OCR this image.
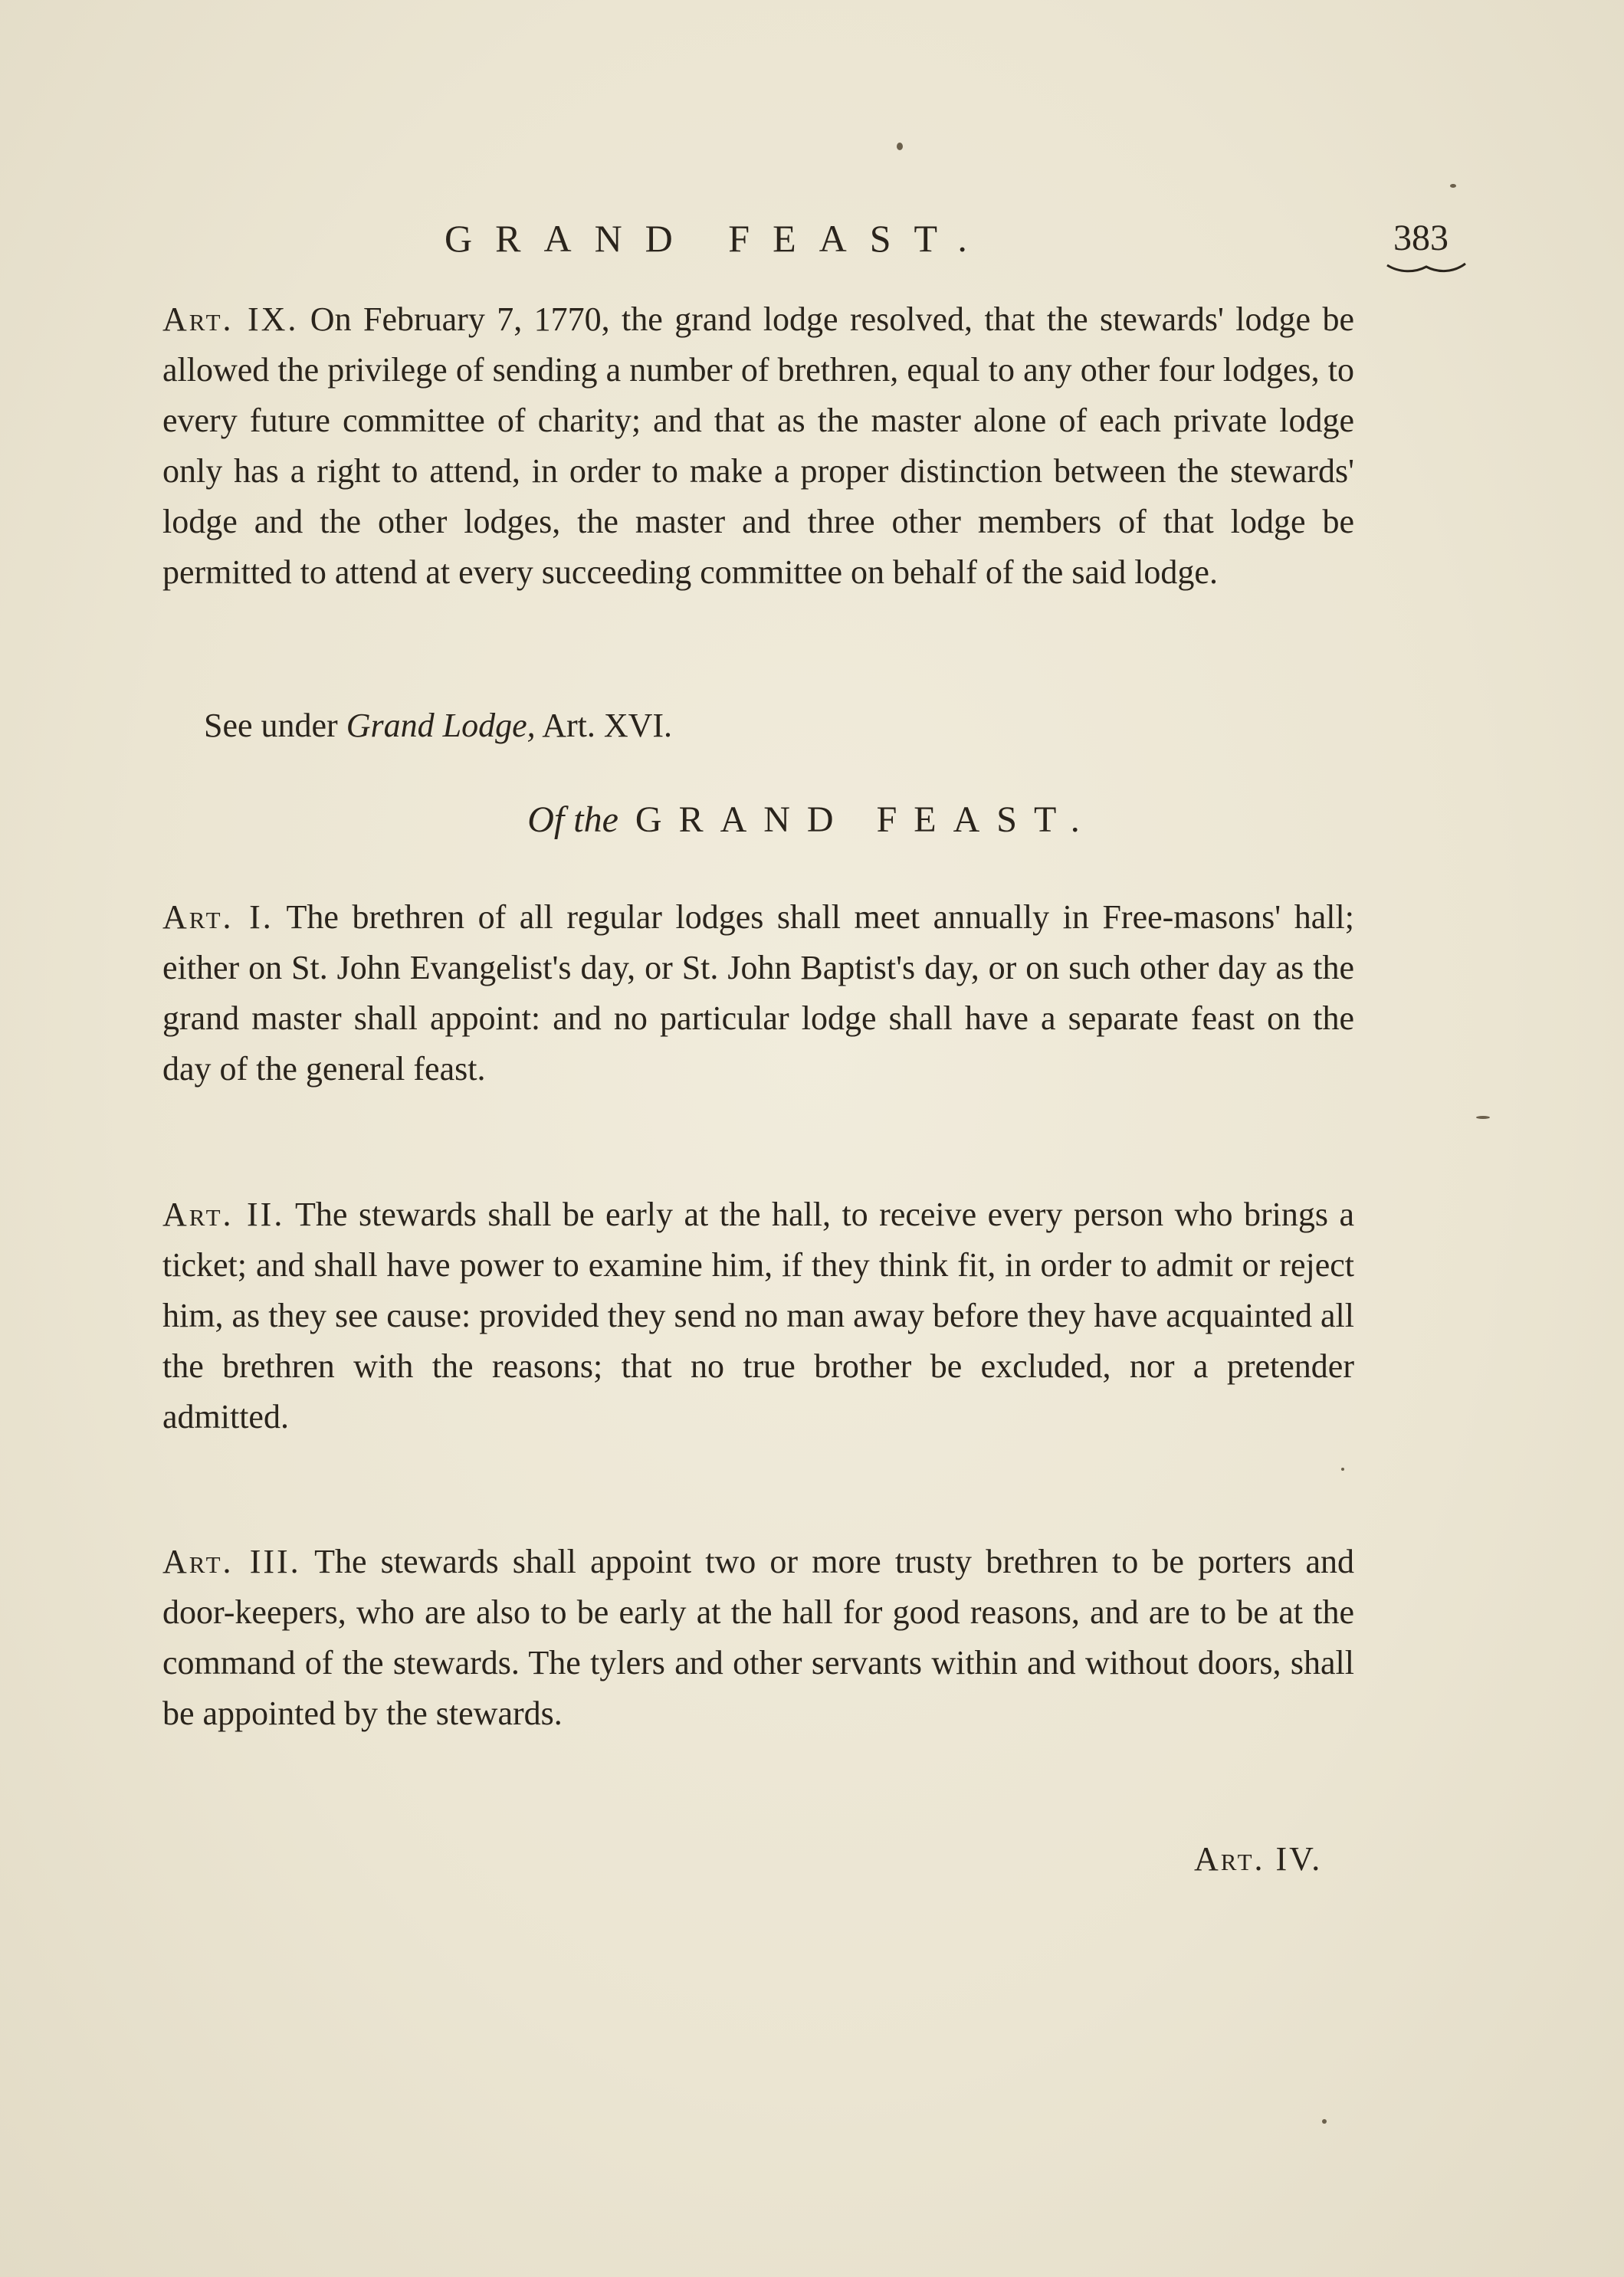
GRAND FEAST.	383
Art. IX. On February 7, 1770, the grand lodge resolved, that the stewards' lodge be allowed the privilege of sending a number of brethren, equal to any other four lodges, to every future committee of charity; and that as the master alone of each private lodge only has a right to attend, in order to make a proper distinction between the stewards' lodge and the other lodges, the master and three other members of that lodge be permitted to attend at every succeeding committee on behalf of the said lodge.
See under Grand Lodge, Art. XVI.
Of the GRAND FEAST.
Art. I. The brethren of all regular lodges shall meet annually in Free-masons' hall; either on St. John Evangelist's day, or St. John Baptist's day, or on such other day as the grand master shall appoint: and no particular lodge shall have a separate feast on the day of the general feast.
Art. II. The stewards shall be early at the hall, to receive every person who brings a ticket; and shall have power to examine him, if they think fit, in order to admit or reject him, as they see cause: provided they send no man away before they have acquainted all the brethren with the reasons; that no true brother be excluded, nor a pretender admitted.
Art. III. The stewards shall appoint two or more trusty brethren to be porters and door-keepers, who are also to be early at the hall for good reasons, and are to be at the command of the stewards. The tylers and other servants within and without doors, shall be appointed by the stewards.
Art. IV.
